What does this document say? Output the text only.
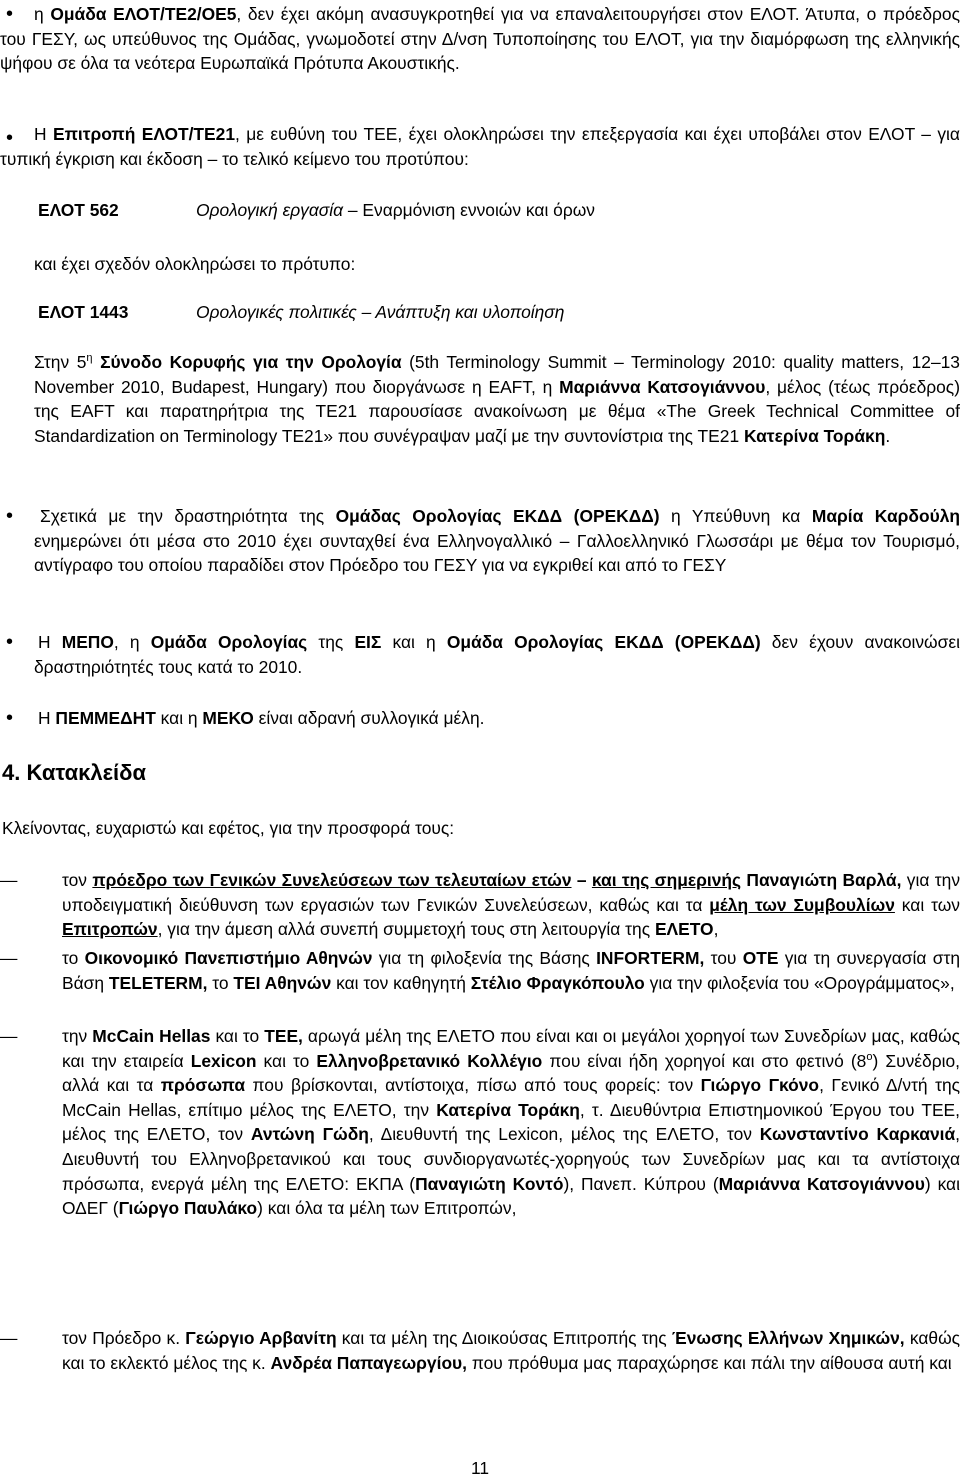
η Ομάδα ΕΛΟΤ/ΤΕ2/ΟΕ5, δεν έχει ακόμη ανασυγκροτηθεί για να επαναλειτουργήσει στον ΕΛΟΤ. Άτυπα, ο πρόεδρος του ΓΕΣΥ, ως υπεύθυνος της Ομάδας, γνωμοδοτεί στην Δ/νση Τυποποίησης του ΕΛΟΤ, για την διαμόρφωση της ελληνικής ψήφου σε όλα τα νεότερα Ευρωπαϊκά Πρότυπα Ακουστικής.

Η Επιτροπή ΕΛΟΤ/ΤΕ21, με ευθύνη του ΤΕΕ, έχει ολοκληρώσει την επεξεργασία και έχει υποβάλει στον ΕΛΟΤ – για τυπική έγκριση και έκδοση – το τελικό κείμενο του προτύπου:

ΕΛΟΤ 562	Ορολογική εργασία – Εναρμόνιση εννοιών και όρων

και έχει σχεδόν ολοκληρώσει το πρότυπο:

ΕΛΟΤ 1443	Ορολογικές πολιτικές – Ανάπτυξη και υλοποίηση

Στην $5^\eta$ Σύνοδο Κορυφής για την Ορολογία (5th Terminology Summit – Terminology 2010: quality matters, 12–13 November 2010, Budapest, Hungary) που διοργάνωσε η EAFT, η Μαριάννα Κατσογιάννου, μέλος (τέως πρόεδρος) της EAFT και παρατηρήτρια της ΤΕ21 παρουσίασε ανακοίνωση με θέμα «The Greek Technical Committee of Standardization on Terminology TE21» που συνέγραψαν μαζί με την συντονίστρια της ΤΕ21 Κατερίνα Τοράκη.

Σχετικά με την δραστηριότητα της Ομάδας Ορολογίας ΕΚΔΔ (ΟΡΕΚΔΔ) η Υπεύθυνη κα Μαρία Καρδούλη ενημερώνει ότι μέσα στο 2010 έχει συνταχθεί ένα Ελληνογαλλικό – Γαλλοελληνικό Γλωσσάρι με θέμα τον Τουρισμό, αντίγραφο του οποίου παραδίδει στον Πρόεδρο του ΓΕΣΥ για να εγκριθεί και από το ΓΕΣΥ

Η ΜΕΠΟ, η Ομάδα Ορολογίας της ΕΙΣ και η Ομάδα Ορολογίας ΕΚΔΔ (ΟΡΕΚΔΔ) δεν έχουν ανακοινώσει δραστηριότητές τους κατά το 2010.

Η ΠΕΜΜΕΔΗΤ και η ΜΕΚΟ είναι αδρανή συλλογικά μέλη.

4. Κατακλείδα

Κλείνοντας, ευχαριστώ και εφέτος, για την προσφορά τους:

τον πρόεδρο των Γενικών Συνελεύσεων των τελευταίων ετών – και της σημερινής Παναγιώτη Βαρλά, για την υποδειγματική διεύθυνση των εργασιών των Γενικών Συνελεύσεων, καθώς και τα μέλη των Συμβουλίων και των Επιτροπών, για την άμεση αλλά συνεπή συμμετοχή τους στη λειτουργία της ΕΛΕΤΟ,

το Οικονομικό Πανεπιστήμιο Αθηνών για τη φιλοξενία της Βάσης INFORTERM, του ΟΤΕ για τη συνεργασία στη Βάση TELETERM, το ΤΕΙ Αθηνών και τον καθηγητή Στέλιο Φραγκόπουλο για την φιλοξενία του «Ορογράμματος»,

την McCain Hellas και το ΤΕΕ, αρωγά μέλη της ΕΛΕΤΟ που είναι και οι μεγάλοι χορηγοί των Συνεδρίων μας, καθώς και την εταιρεία Lexicon και το Ελληνοβρετανικό Κολλέγιο που είναι ήδη χορηγοί και στο φετινό $(8^o)$ Συνέδριο, αλλά και τα πρόσωπα που βρίσκονται, αντίστοιχα, πίσω από τους φορείς: τον Γιώργο Γκόνο, Γενικό Δ/ντή της McCain Hellas, επίτιμο μέλος της ΕΛΕΤΟ, την Κατερίνα Τοράκη, τ. Διευθύντρια Επιστημονικού Έργου του ΤΕΕ, μέλος της ΕΛΕΤΟ, τον Αντώνη Γώδη, Διευθυντή της Lexicon, μέλος της ΕΛΕΤΟ, τον Κωνσταντίνο Καρκανιά, Διευθυντή του Ελληνοβρετανικού και τους συνδιοργανωτές-χορηγούς των Συνεδρίων μας και τα αντίστοιχα πρόσωπα, ενεργά μέλη της ΕΛΕΤΟ: ΕΚΠΑ (Παναγιώτη Κοντό), Πανεπ. Κύπρου (Μαριάννα Κατσογιάννου) και ΟΔΕΓ (Γιώργο Παυλάκο) και όλα τα μέλη των Επιτροπών,

τον Πρόεδρο κ. Γεώργιο Αρβανίτη και τα μέλη της Διοικούσας Επιτροπής της Ένωσης Ελλήνων Χημικών, καθώς και το εκλεκτό μέλος της κ. Ανδρέα Παπαγεωργίου, που πρόθυμα μας παραχώρησε και πάλι την αίθουσα αυτή και

11
